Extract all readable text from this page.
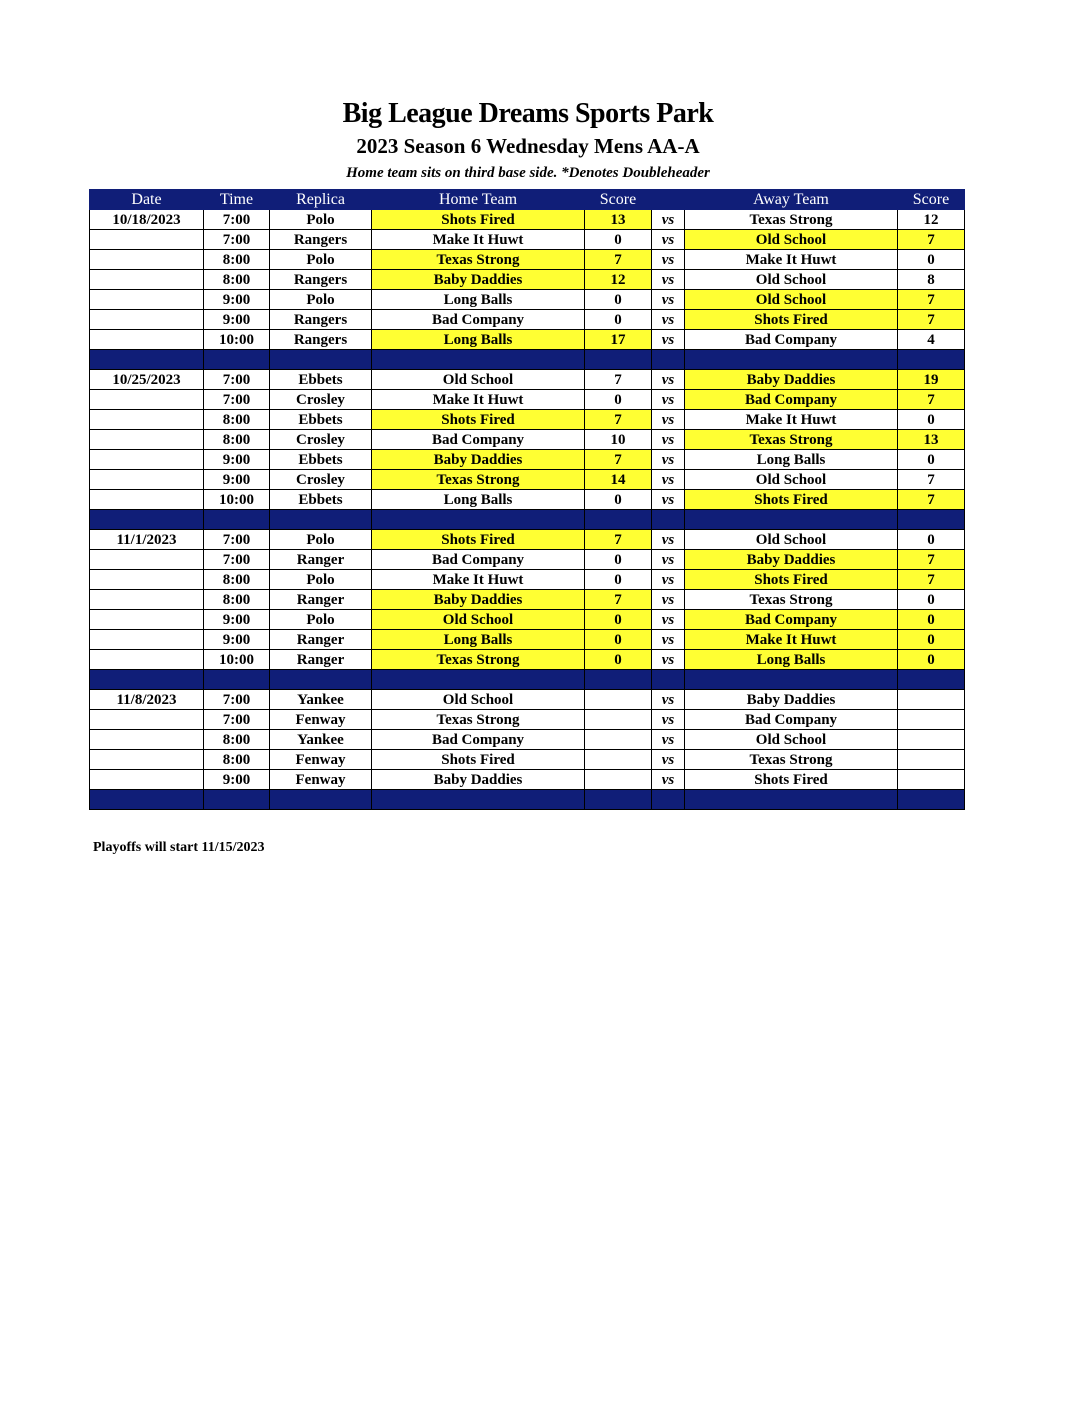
Big League Dreams Sports Park
2023 Season 6 Wednesday Mens AA-A
Home team sits on third base side. *Denotes Doubleheader
Date	Time	Replica	Home Team	Score		Away Team	Score
10/18/2023	7:00	Polo	Shots Fired	13	vs	Texas Strong	12
	7:00	Rangers	Make It Huwt	0	vs	Old School	7
	8:00	Polo	Texas Strong	7	vs	Make It Huwt	0
	8:00	Rangers	Baby Daddies	12	vs	Old School	8
	9:00	Polo	Long Balls	0	vs	Old School	7
	9:00	Rangers	Bad Company	0	vs	Shots Fired	7
	10:00	Rangers	Long Balls	17	vs	Bad Company	4

10/25/2023	7:00	Ebbets	Old School	7	vs	Baby Daddies	19
	7:00	Crosley	Make It Huwt	0	vs	Bad Company	7
	8:00	Ebbets	Shots Fired	7	vs	Make It Huwt	0
	8:00	Crosley	Bad Company	10	vs	Texas Strong	13
	9:00	Ebbets	Baby Daddies	7	vs	Long Balls	0
	9:00	Crosley	Texas Strong	14	vs	Old School	7
	10:00	Ebbets	Long Balls	0	vs	Shots Fired	7

11/1/2023	7:00	Polo	Shots Fired	7	vs	Old School	0
	7:00	Ranger	Bad Company	0	vs	Baby Daddies	7
	8:00	Polo	Make It Huwt	0	vs	Shots Fired	7
	8:00	Ranger	Baby Daddies	7	vs	Texas Strong	0
	9:00	Polo	Old School	0	vs	Bad Company	0
	9:00	Ranger	Long Balls	0	vs	Make It Huwt	0
	10:00	Ranger	Texas Strong	0	vs	Long Balls	0

11/8/2023	7:00	Yankee	Old School		vs	Baby Daddies	
	7:00	Fenway	Texas Strong		vs	Bad Company	
	8:00	Yankee	Bad Company		vs	Old School	
	8:00	Fenway	Shots Fired		vs	Texas Strong	
	9:00	Fenway	Baby Daddies		vs	Shots Fired	

Playoffs will start 11/15/2023
